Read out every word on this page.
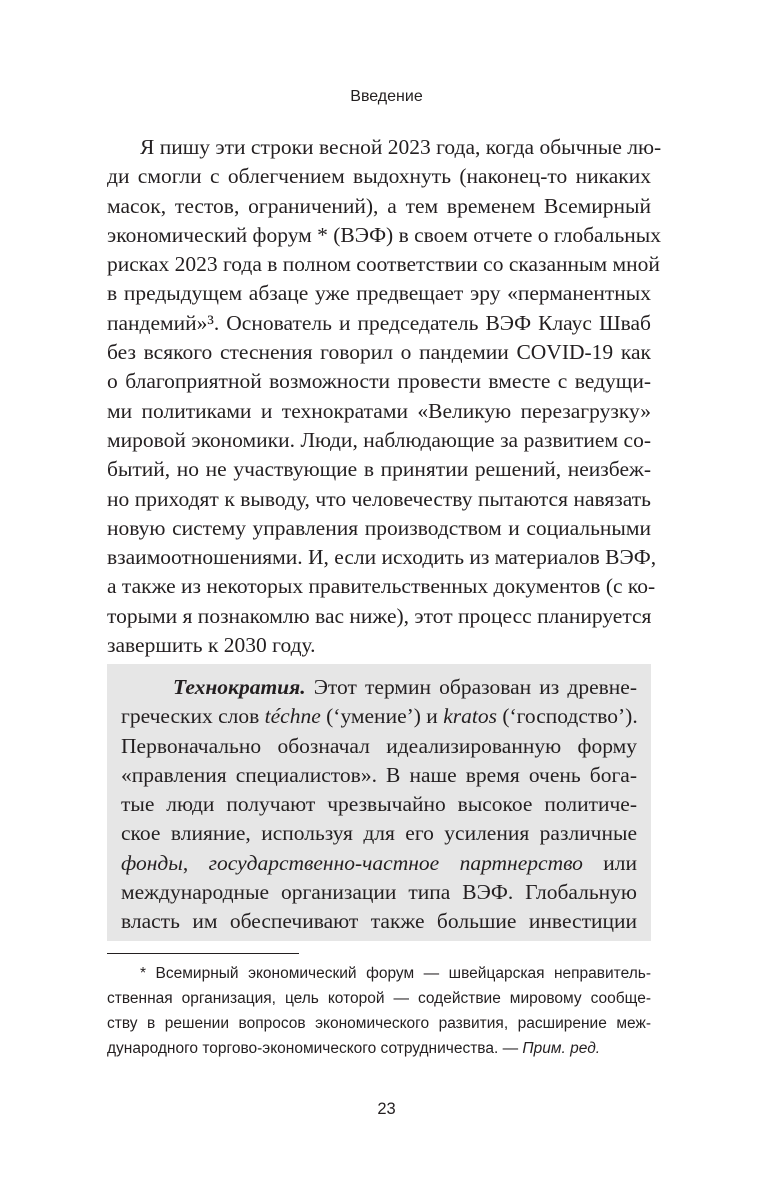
Введение
Я пишу эти строки весной 2023 года, когда обычные лю-
ди смогли с облегчением выдохнуть (наконец-то никаких
масок, тестов, ограничений), а тем временем Всемирный
экономический форум * (ВЭФ) в своем отчете о глобальных
рисках 2023 года в полном соответствии со сказанным мной
в предыдущем абзаце уже предвещает эру «перманентных
пандемий»³. Основатель и председатель ВЭФ Клаус Шваб
без всякого стеснения говорил о пандемии COVID-19 как
о благоприятной возможности провести вместе с ведущи-
ми политиками и технократами «Великую перезагрузку»
мировой экономики. Люди, наблюдающие за развитием со-
бытий, но не участвующие в принятии решений, неизбеж-
но приходят к выводу, что человечеству пытаются навязать
новую систему управления производством и социальными
взаимоотношениями. И, если исходить из материалов ВЭФ,
а также из некоторых правительственных документов (с ко-
торыми я познакомлю вас ниже), этот процесс планируется
завершить к 2030 году.
Технократия. Этот термин образован из древне-
греческих слов téchne (‘умение’) и kratos (‘господство’).
Первоначально обозначал идеализированную форму
«правления специалистов». В наше время очень бога-
тые люди получают чрезвычайно высокое политиче-
ское влияние, используя для его усиления различные
фонды, государственно-частное партнерство или
международные организации типа ВЭФ. Глобальную
власть им обеспечивают также большие инвестиции
* Всемирный экономический форум — швейцарская неправитель-
ственная организация, цель которой — содействие мировому сообще-
ству в решении вопросов экономического развития, расширение меж-
дународного торгово-экономического сотрудничества. — Прим. ред.
23
